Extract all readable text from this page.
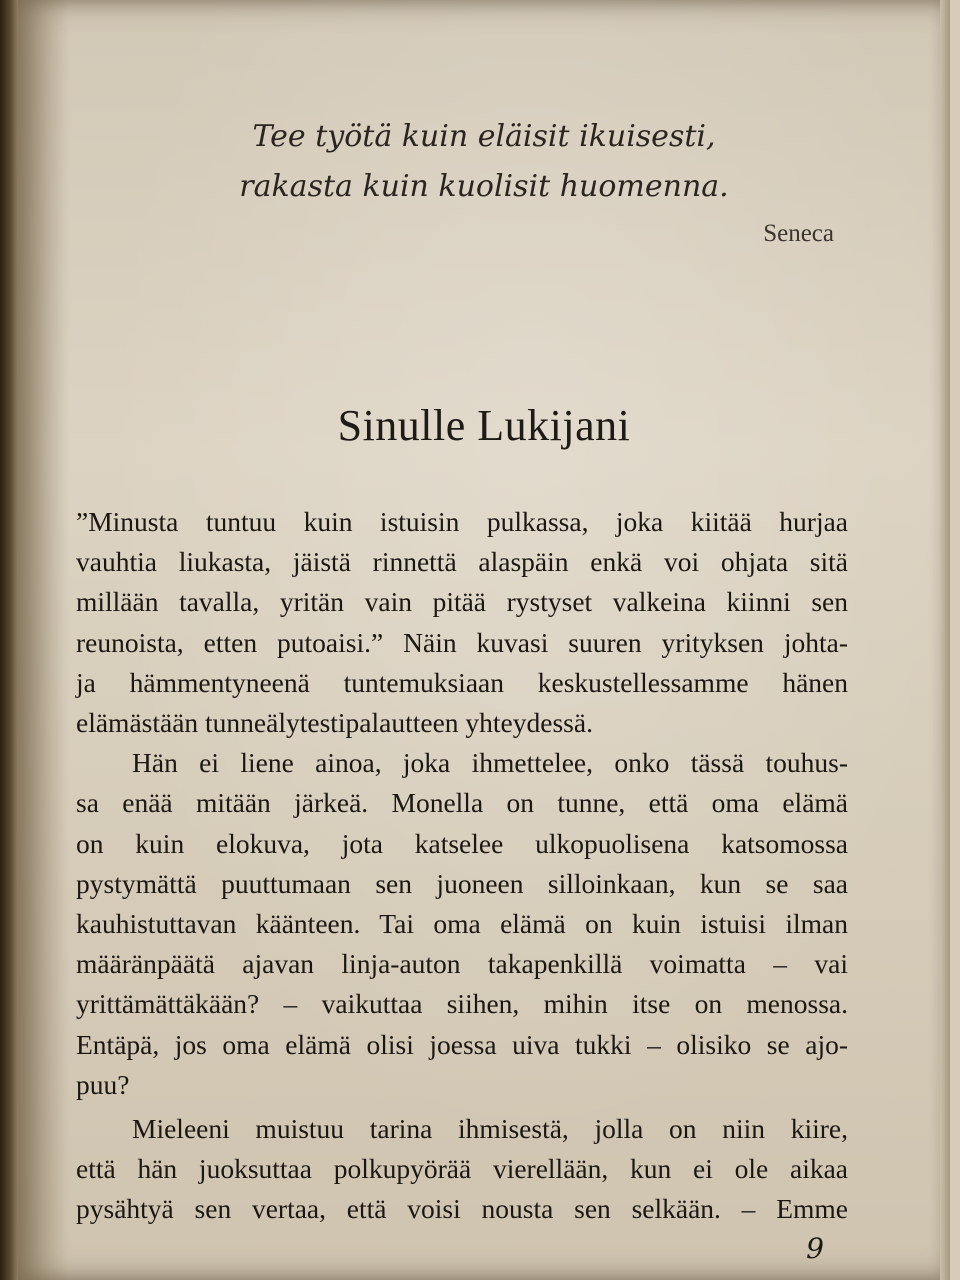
Tee työtä kuin eläisit ikuisesti,
rakasta kuin kuolisit huomenna.
Seneca
Sinulle Lukijani
”Minusta tuntuu kuin istuisin pulkassa, joka kiitää hurjaa
vauhtia liukasta, jäistä rinnettä alaspäin enkä voi ohjata sitä
millään tavalla, yritän vain pitää rystyset valkeina kiinni sen
reunoista, etten putoaisi.” Näin kuvasi suuren yrityksen johta-
ja hämmentyneenä tuntemuksiaan keskustellessamme hänen
elämästään tunneälytestipalautteen yhteydessä.
Hän ei liene ainoa, joka ihmettelee, onko tässä touhus-
sa enää mitään järkeä. Monella on tunne, että oma elämä
on kuin elokuva, jota katselee ulkopuolisena katsomossa
pystymättä puuttumaan sen juoneen silloinkaan, kun se saa
kauhistuttavan käänteen. Tai oma elämä on kuin istuisi ilman
määränpäätä ajavan linja-auton takapenkillä voimatta – vai
yrittämättäkään? – vaikuttaa siihen, mihin itse on menossa.
Entäpä, jos oma elämä olisi joessa uiva tukki – olisiko se ajo-
puu?
Mieleeni muistuu tarina ihmisestä, jolla on niin kiire,
että hän juoksuttaa polkupyörää vierellään, kun ei ole aikaa
pysähtyä sen vertaa, että voisi nousta sen selkään. – Emme
9
